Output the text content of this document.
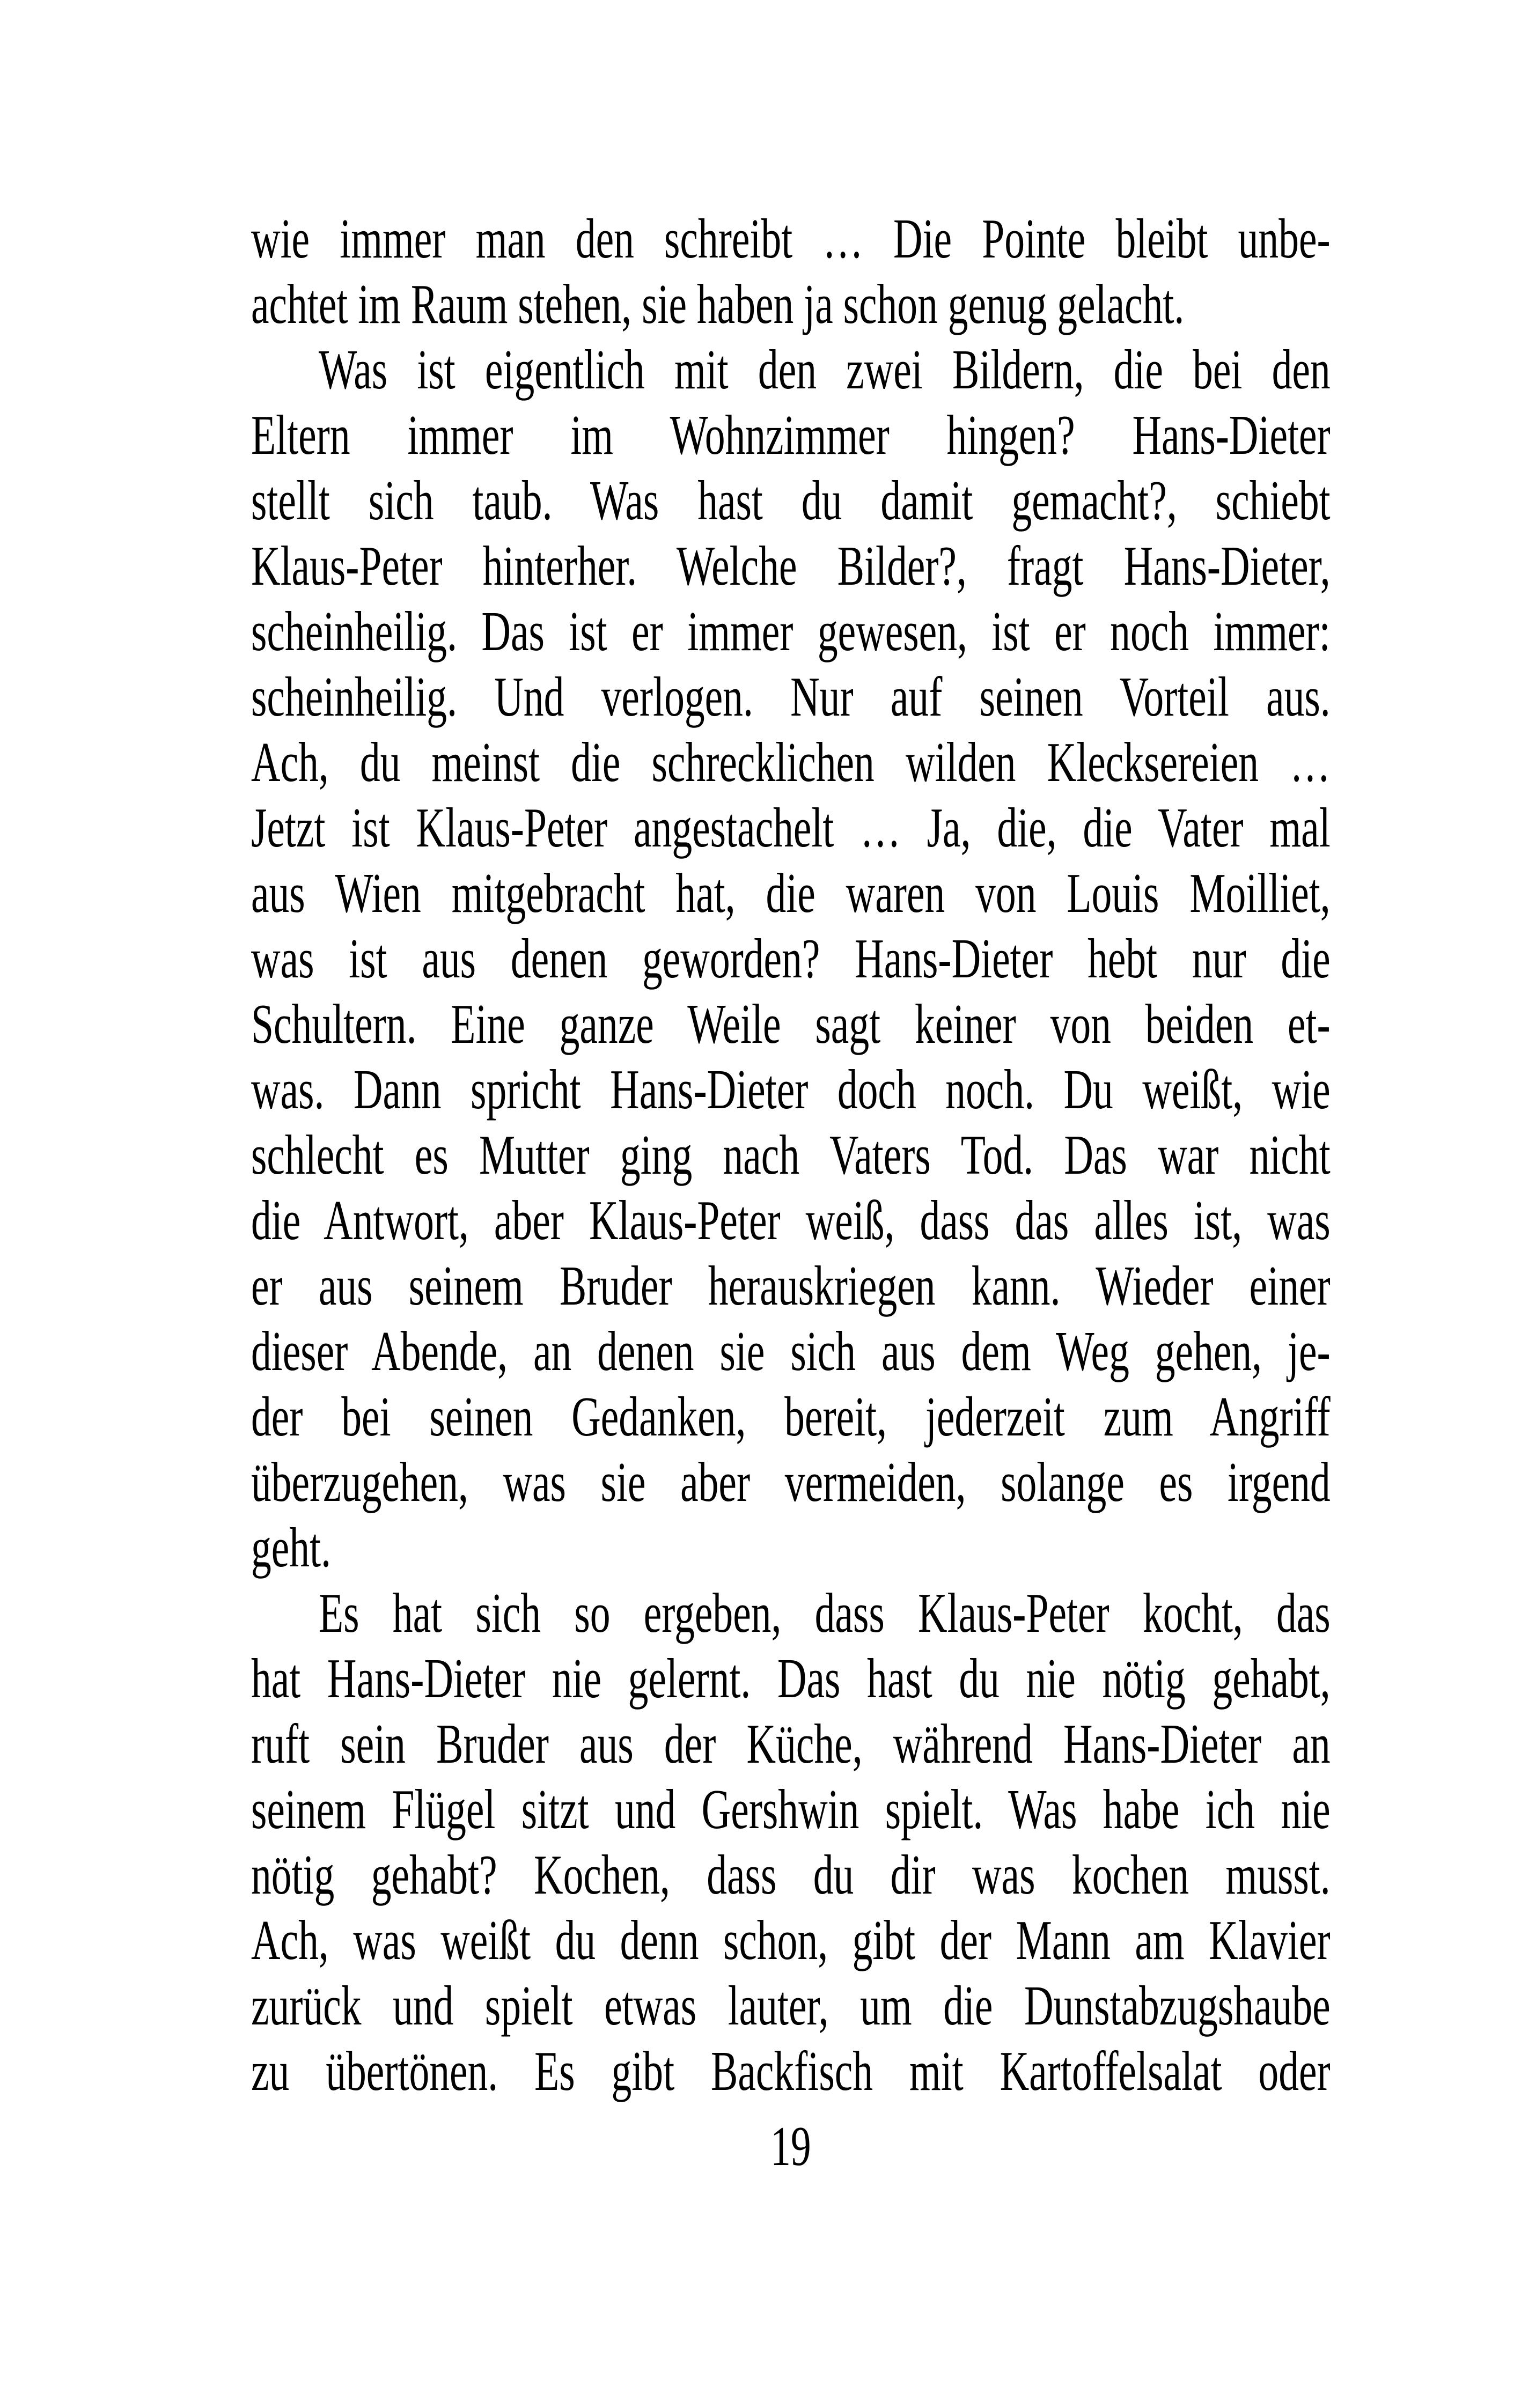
wie immer man den schreibt … Die Pointe bleibt unbe-
achtet im Raum stehen, sie haben ja schon genug gelacht.
Was ist eigentlich mit den zwei Bildern, die bei den
Eltern immer im Wohnzimmer hingen? Hans-Dieter
stellt sich taub. Was hast du damit gemacht?, schiebt
Klaus-Peter hinterher. Welche Bilder?, fragt Hans-Dieter,
scheinheilig. Das ist er immer gewesen, ist er noch immer:
scheinheilig. Und verlogen. Nur auf seinen Vorteil aus.
Ach, du meinst die schrecklichen wilden Klecksereien …
Jetzt ist Klaus-Peter angestachelt … Ja, die, die Vater mal
aus Wien mitgebracht hat, die waren von Louis Moilliet,
was ist aus denen geworden? Hans-Dieter hebt nur die
Schultern. Eine ganze Weile sagt keiner von beiden et-
was. Dann spricht Hans-Dieter doch noch. Du weißt, wie
schlecht es Mutter ging nach Vaters Tod. Das war nicht
die Antwort, aber Klaus-Peter weiß, dass das alles ist, was
er aus seinem Bruder herauskriegen kann. Wieder einer
dieser Abende, an denen sie sich aus dem Weg gehen, je-
der bei seinen Gedanken, bereit, jederzeit zum Angriff
überzugehen, was sie aber vermeiden, solange es irgend
geht.
Es hat sich so ergeben, dass Klaus-Peter kocht, das
hat Hans-Dieter nie gelernt. Das hast du nie nötig gehabt,
ruft sein Bruder aus der Küche, während Hans-Dieter an
seinem Flügel sitzt und Gershwin spielt. Was habe ich nie
nötig gehabt? Kochen, dass du dir was kochen musst.
Ach, was weißt du denn schon, gibt der Mann am Klavier
zurück und spielt etwas lauter, um die Dunstabzugshaube
zu übertönen. Es gibt Backfisch mit Kartoffelsalat oder
19
